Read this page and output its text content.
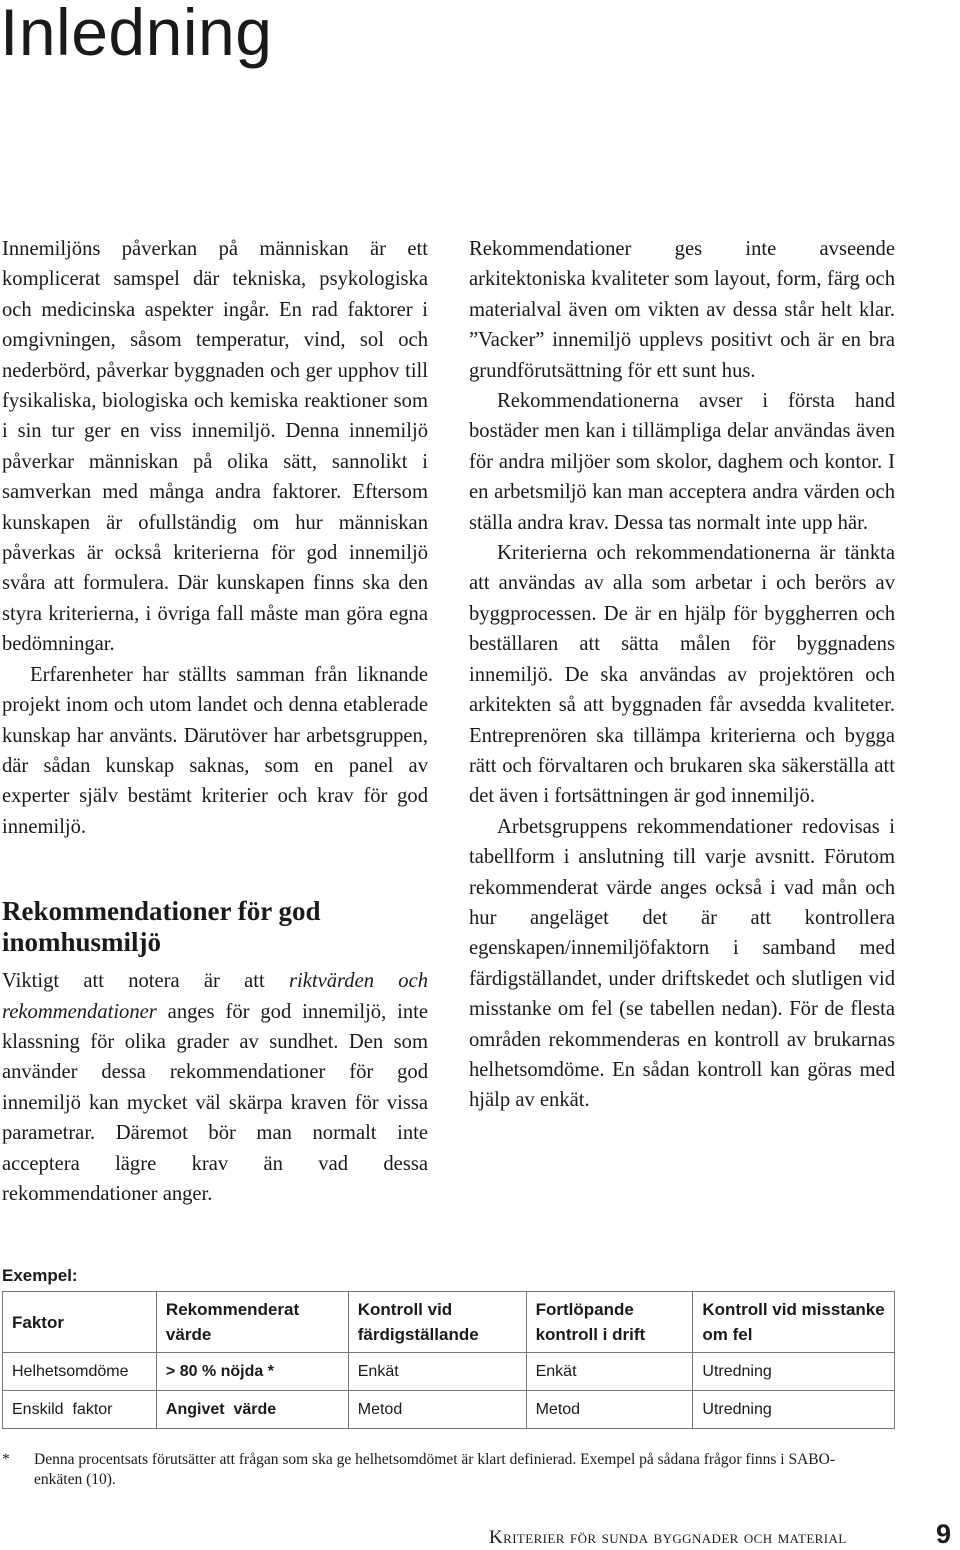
Inledning

Innemiljöns påverkan på människan är ett komplicerat samspel där tekniska, psykologiska och medicinska aspekter ingår. En rad faktorer i omgivningen, såsom temperatur, vind, sol och nederbörd, påverkar byggnaden och ger upphov till fysikaliska, biologiska och kemiska reaktioner som i sin tur ger en viss innemiljö. Denna innemiljö påverkar människan på olika sätt, sannolikt i samverkan med många andra faktorer. Eftersom kunskapen är ofullständig om hur människan påverkas är också kriterierna för god innemiljö svåra att formulera. Där kunskapen finns ska den styra kriterierna, i övriga fall måste man göra egna bedömningar.

Erfarenheter har ställts samman från liknande projekt inom och utom landet och denna etablerade kunskap har använts. Därutöver har arbetsgruppen, där sådan kunskap saknas, som en panel av experter själv bestämt kriterier och krav för god innemiljö.

Rekommendationer för god inomhusmiljö

Viktigt att notera är att riktvärden och rekommendationer anges för god innemiljö, inte klassning för olika grader av sundhet. Den som använder dessa rekommendationer för god innemiljö kan mycket väl skärpa kraven för vissa parametrar. Däremot bör man normalt inte acceptera lägre krav än vad dessa rekommendationer anger.

Rekommendationer ges inte avseende arkitektoniska kvaliteter som layout, form, färg och materialval även om vikten av dessa står helt klar. ”Vacker” innemiljö upplevs positivt och är en bra grundförutsättning för ett sunt hus.

Rekommendationerna avser i första hand bostäder men kan i tillämpliga delar användas även för andra miljöer som skolor, daghem och kontor. I en arbetsmiljö kan man acceptera andra värden och ställa andra krav. Dessa tas normalt inte upp här.

Kriterierna och rekommendationerna är tänkta att användas av alla som arbetar i och berörs av byggprocessen. De är en hjälp för byggherren och beställaren att sätta målen för byggnadens innemiljö. De ska användas av projektören och arkitekten så att byggnaden får avsedda kvaliteter. Entreprenören ska tillämpa kriterierna och bygga rätt och förvaltaren och brukaren ska säkerställa att det även i fortsättningen är god innemiljö.

Arbetsgruppens rekommendationer redovisas i tabellform i anslutning till varje avsnitt. Förutom rekommenderat värde anges också i vad mån och hur angeläget det är att kontrollera egenskapen/innemiljöfaktorn i samband med färdigställandet, under driftskedet och slutligen vid misstanke om fel (se tabellen nedan). För de flesta områden rekommenderas en kontroll av brukarnas helhetsomdöme. En sådan kontroll kan göras med hjälp av enkät.

Exempel:
Faktor	Rekommenderat värde	Kontroll vid färdigställande	Fortlöpande kontroll i drift	Kontroll vid misstanke om fel
Helhetsomdöme	> 80 % nöjda *	Enkät	Enkät	Utredning
Enskild  faktor	Angivet  värde	Metod	Metod	Utredning
* Denna procentsats förutsätter att frågan som ska ge helhetsomdömet är klart definierad. Exempel på sådana frågor finns i SABO-enkäten (10).
Kriterier för sunda byggnader och material	9
